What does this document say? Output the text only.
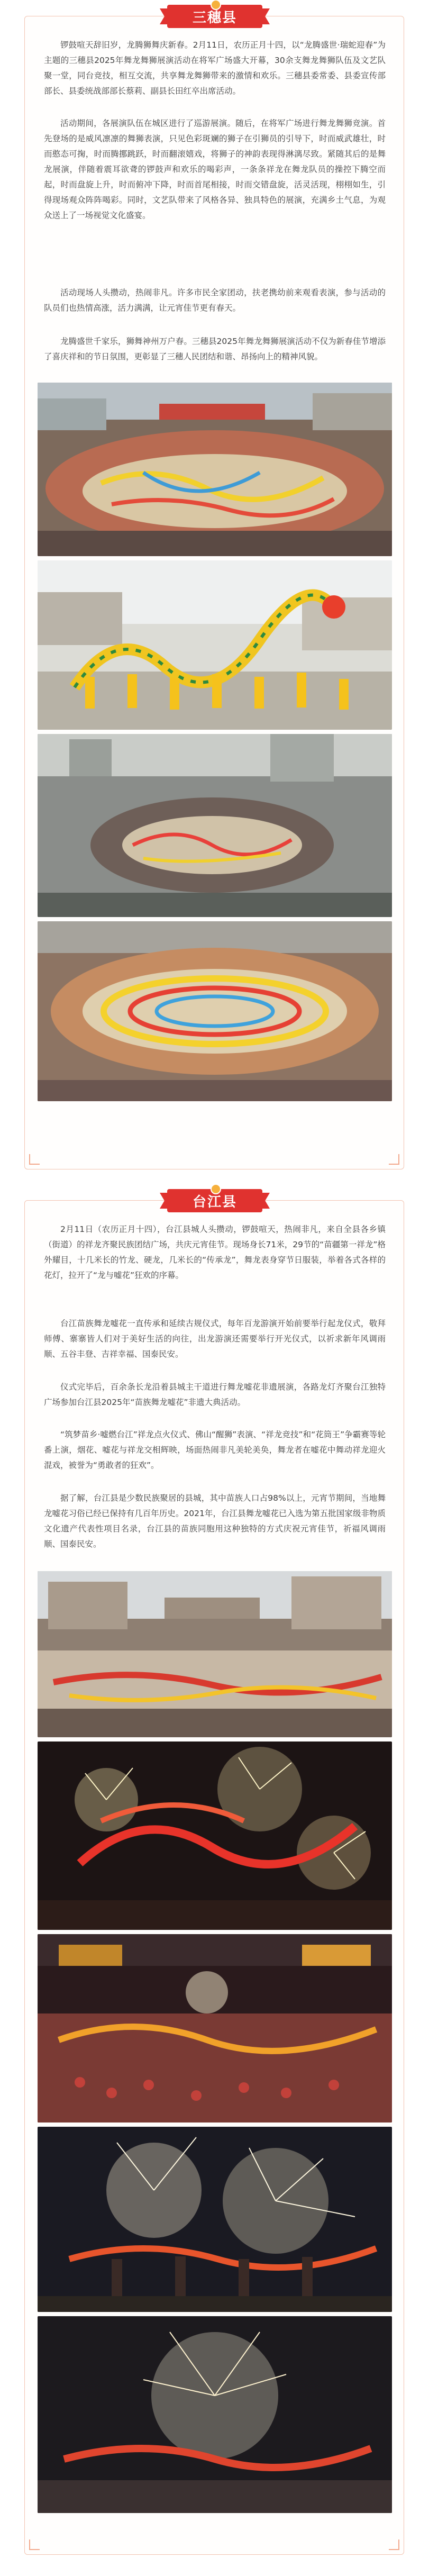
三穗县

锣鼓喧天辞旧岁，龙腾狮舞庆新春。2月11日，农历正月十四，以“龙腾盛世·瑞蛇迎春”为主题的三穗县2025年舞龙舞狮展演活动在将军广场盛大开幕，30余支舞龙舞狮队伍及文艺队聚一堂，同台竞技，相互交流，共享舞龙舞狮带来的激情和欢乐。三穗县委常委、县委宣传部部长、县委统战部部长蔡莉、副县长田红卒出席活动。

活动期间，各展演队伍在城区进行了巡游展演。随后，在将军广场进行舞龙舞狮竞演。首先登场的是威风凛凛的舞狮表演，只见色彩斑斓的狮子在引狮员的引导下，时而威武雄壮，时而憨态可掬，时而腾挪跳跃，时而翻滚嬉戏，将狮子的神韵表现得淋漓尽致。紧随其后的是舞龙展演，伴随着震耳欲聋的锣鼓声和欢乐的喝彩声，一条条祥龙在舞龙队员的操控下腾空而起，时而盘旋上升，时而俯冲下降，时而首尾相接，时而交错盘旋，活灵活现，栩栩如生，引得现场观众阵阵喝彩。同时，文艺队带来了风格各异、独具特色的展演，充满乡土气息，为观众送上了一场视觉文化盛宴。

活动现场人头攒动，热闹非凡。许多市民全家团动，扶老携幼前来观看表演，参与活动的队员们也热情高涨，活力满满，让元宵佳节更有春天。

龙腾盛世千家乐，狮舞神州万户春。三穗县2025年舞龙舞狮展演活动不仅为新春佳节增添了喜庆祥和的节日氛围，更彰显了三穗人民团结和谐、昂扬向上的精神风貌。

台江县

2月11日（农历正月十四），台江县城人头攒动，锣鼓喧天，热闹非凡，来自全县各乡镇（街道）的祥龙齐聚民族团结广场，共庆元宵佳节。现场身长71米，29节的“苗疆第一祥龙”格外耀目，十几米长的竹龙、硬龙，几米长的“传承龙”，舞龙表身穿节日服装，举着各式各样的花灯，拉开了“龙与嘘花”狂欢的序幕。

台江苗族舞龙嘘花一直传承和延续古规仪式，每年百龙游演开始前要举行起龙仪式，敬拜师傅、寨寨皆人们对于美好生活的向往，出龙游演还需要举行开光仪式，以祈求新年风调雨顺、五谷丰登、吉祥幸福、国泰民安。

仪式完毕后，百余条长龙沿着县城主干道进行舞龙嘘花非遗展演，各路龙灯齐聚台江独特广场参加台江县2025年“苗族舞龙嘘花”非遗大典活动。

“筑梦苗乡·嘘燃台江”祥龙点火仪式、佛山“醒狮”表演、“祥龙竞技”和“花筒王”争霸赛等轮番上演，烟花、嘘花与祥龙交相辉映，场面热闹非凡美轮美奂，舞龙者在嘘花中舞动祥龙迎火混戏，被誉为“勇敢者的狂欢”。

据了解，台江县是少数民族聚居的县城，其中苗族人口占98%以上，元宵节期间，当地舞龙嘘花习俗已经已保持有几百年历史。2021年，台江县舞龙嘘花已入选为第五批国家级非物质文化遗产代表性项目名录，台江县的苗族同胞用这种独特的方式庆祝元宵佳节，祈福风调雨顺、国泰民安。
